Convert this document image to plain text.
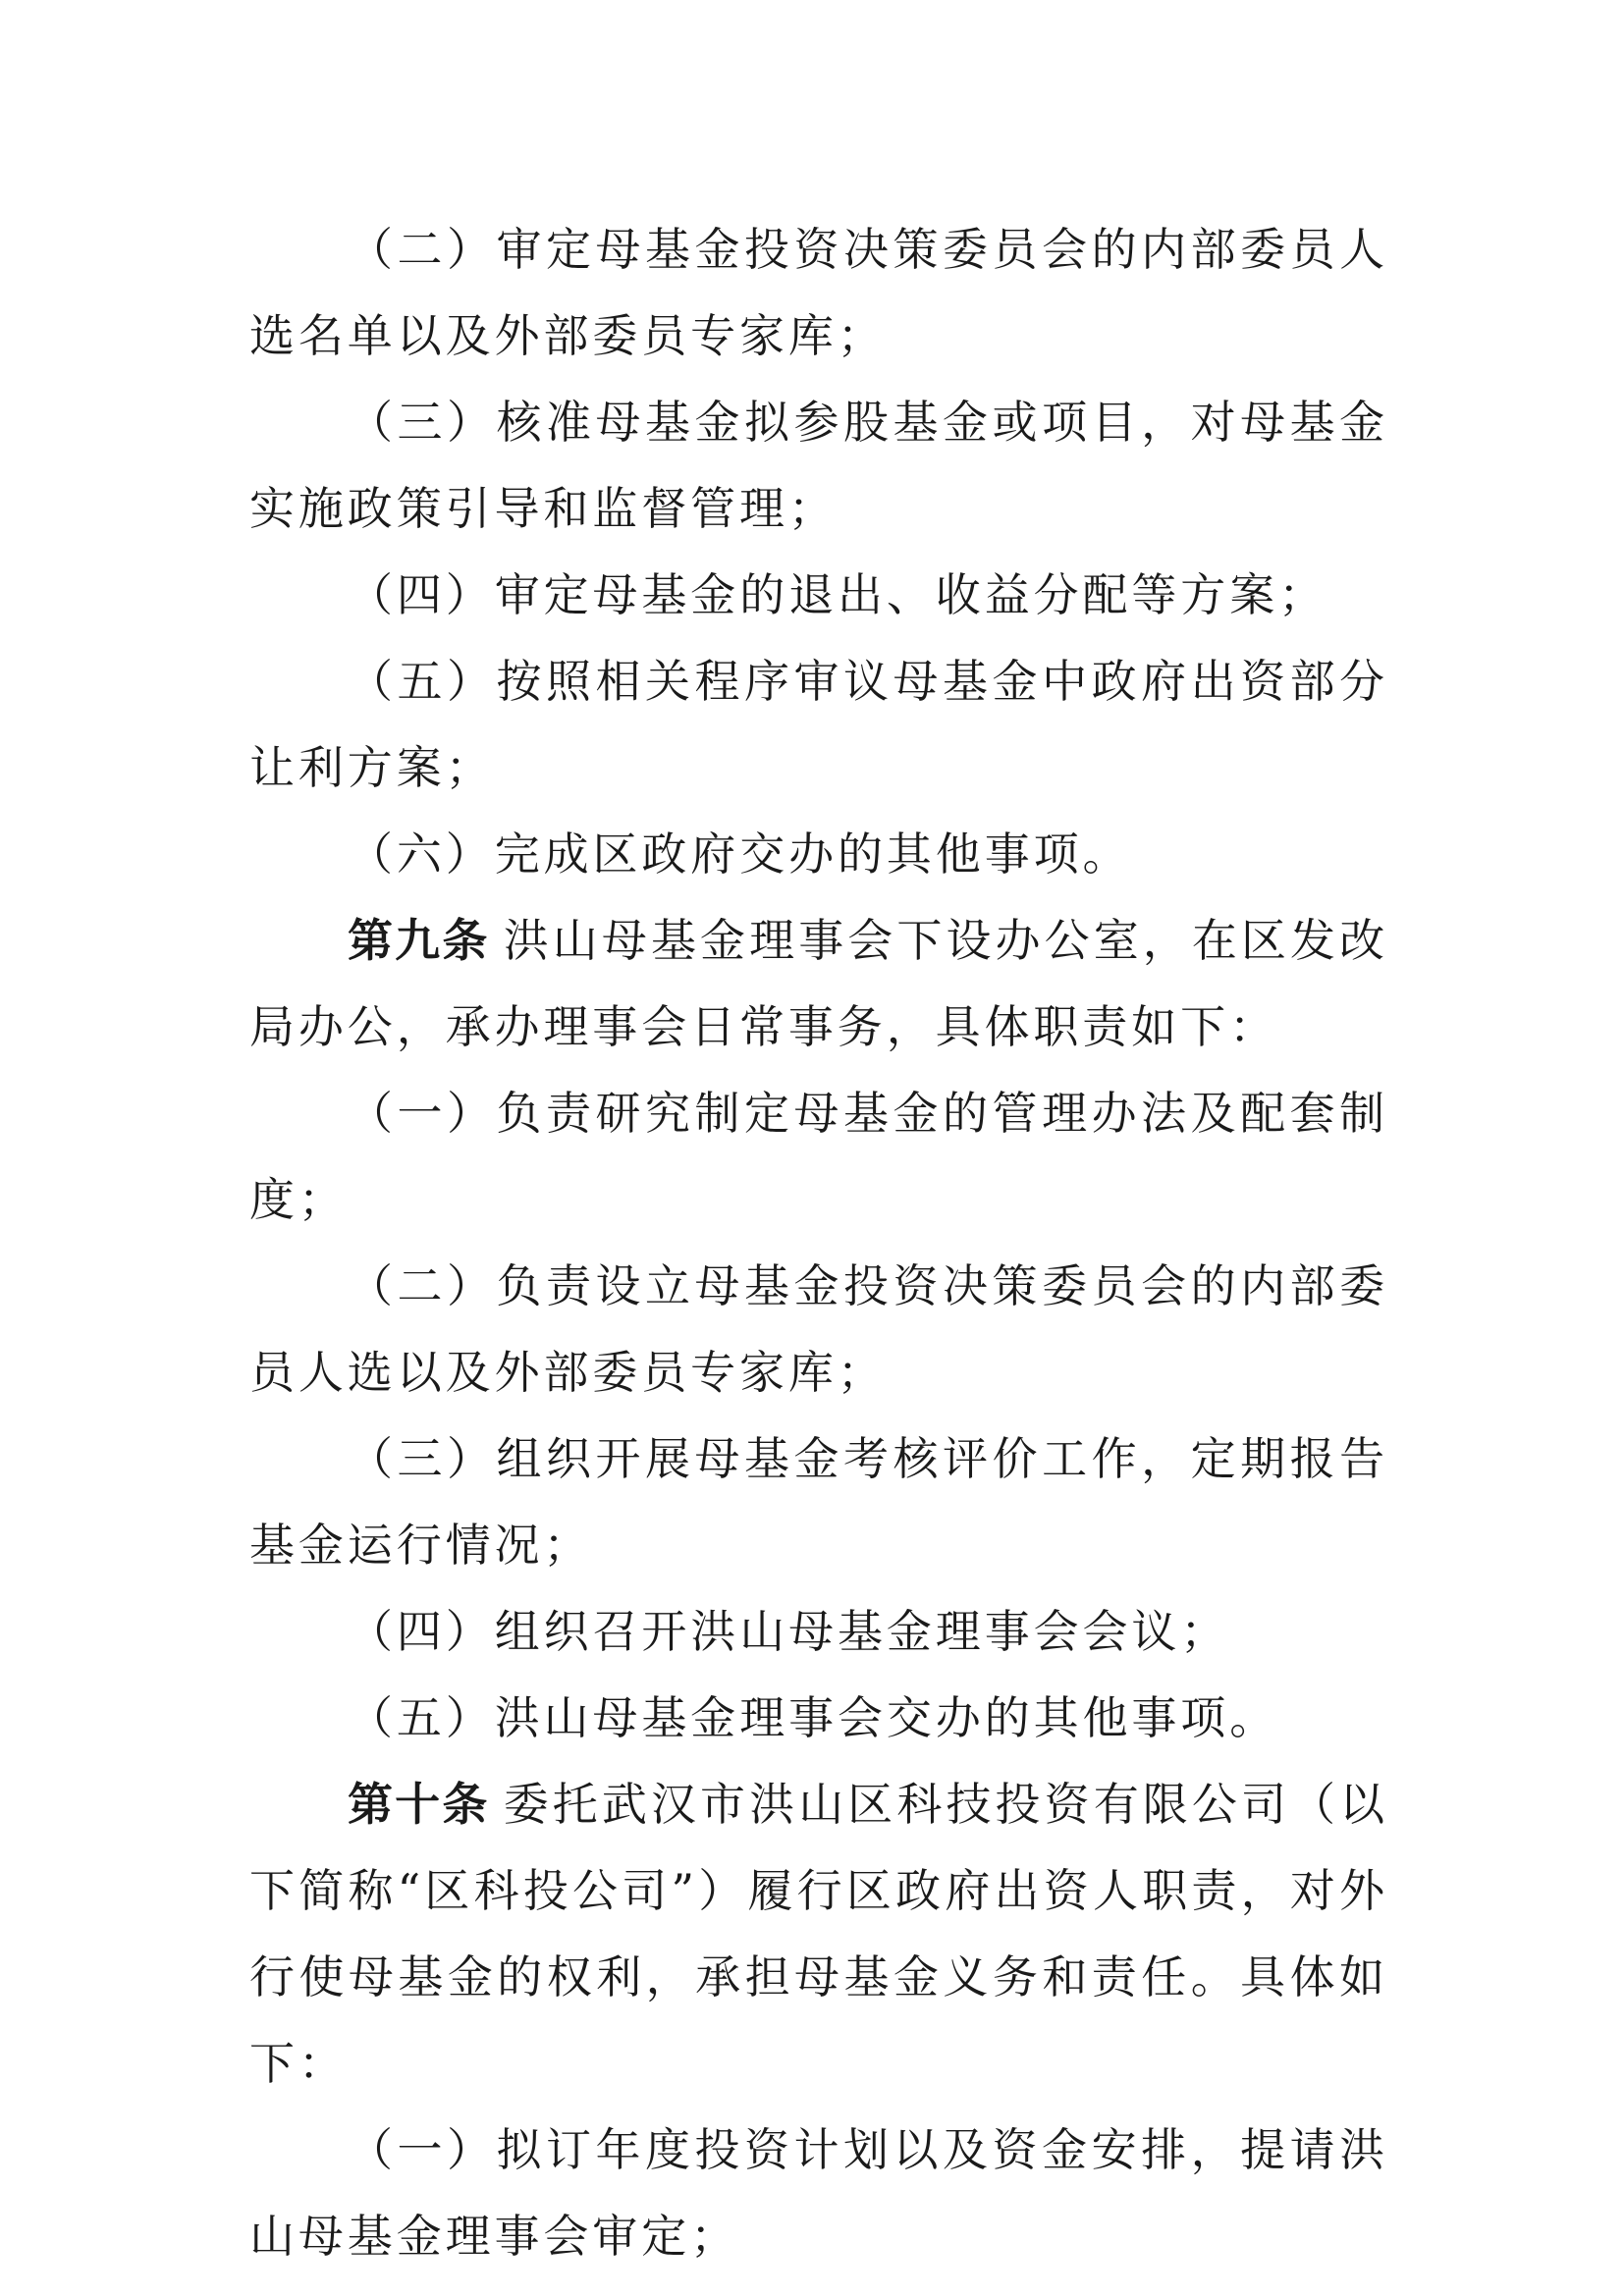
（二）审定母基金投资决策委员会的内部委员人选名单以及外部委员专家库；

（三）核准母基金拟参股基金或项目，对母基金实施政策引导和监督管理；

（四）审定母基金的退出、收益分配等方案；

（五）按照相关程序审议母基金中政府出资部分让利方案；

（六）完成区政府交办的其他事项。

第九条 洪山母基金理事会下设办公室，在区发改局办公，承办理事会日常事务，具体职责如下：

（一）负责研究制定母基金的管理办法及配套制度；

（二）负责设立母基金投资决策委员会的内部委员人选以及外部委员专家库；

（三）组织开展母基金考核评价工作，定期报告基金运行情况；

（四）组织召开洪山母基金理事会会议；

（五）洪山母基金理事会交办的其他事项。

第十条 委托武汉市洪山区科技投资有限公司（以下简称“区科投公司”）履行区政府出资人职责，对外行使母基金的权利，承担母基金义务和责任。具体如下：

（一）拟订年度投资计划以及资金安排，提请洪山母基金理事会审定；
